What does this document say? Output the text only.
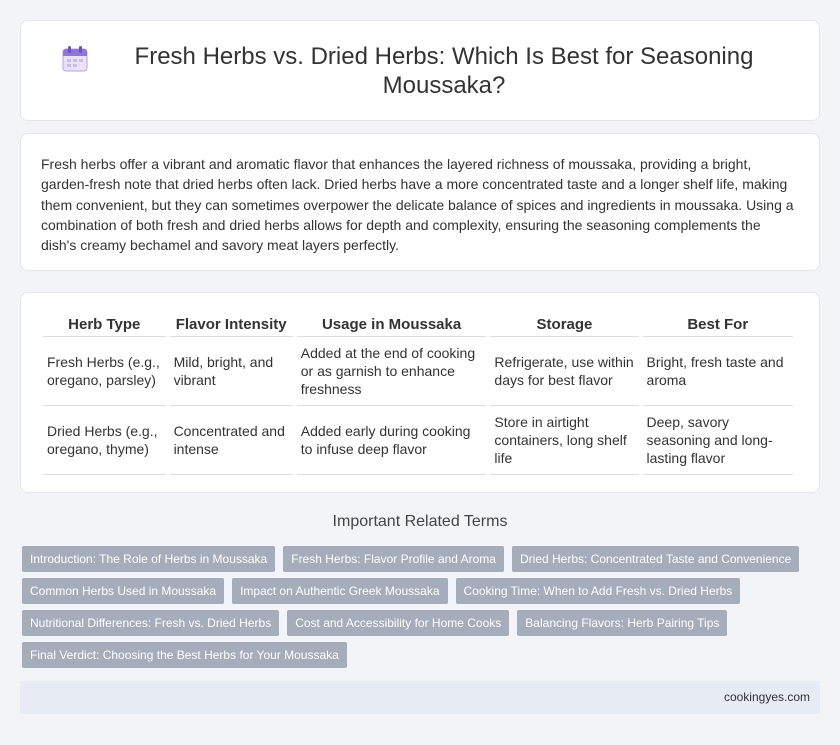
Fresh Herbs vs. Dried Herbs: Which Is Best for Seasoning Moussaka?

Fresh herbs offer a vibrant and aromatic flavor that enhances the layered richness of moussaka, providing a bright, garden-fresh note that dried herbs often lack. Dried herbs have a more concentrated taste and a longer shelf life, making them convenient, but they can sometimes overpower the delicate balance of spices and ingredients in moussaka. Using a combination of both fresh and dried herbs allows for depth and complexity, ensuring the seasoning complements the dish's creamy bechamel and savory meat layers perfectly.

Herb Type	Flavor Intensity	Usage in Moussaka	Storage	Best For
Fresh Herbs (e.g., oregano, parsley)	Mild, bright, and vibrant	Added at the end of cooking or as garnish to enhance freshness	Refrigerate, use within days for best flavor	Bright, fresh taste and aroma
Dried Herbs (e.g., oregano, thyme)	Concentrated and intense	Added early during cooking to infuse deep flavor	Store in airtight containers, long shelf life	Deep, savory seasoning and long-lasting flavor
Important Related Terms
Introduction: The Role of Herbs in Moussaka	Fresh Herbs: Flavor Profile and Aroma	Dried Herbs: Concentrated Taste and Convenience
Common Herbs Used in Moussaka	Impact on Authentic Greek Moussaka	Cooking Time: When to Add Fresh vs. Dried Herbs
Nutritional Differences: Fresh vs. Dried Herbs	Cost and Accessibility for Home Cooks	Balancing Flavors: Herb Pairing Tips
Final Verdict: Choosing the Best Herbs for Your Moussaka
cookingyes.com
